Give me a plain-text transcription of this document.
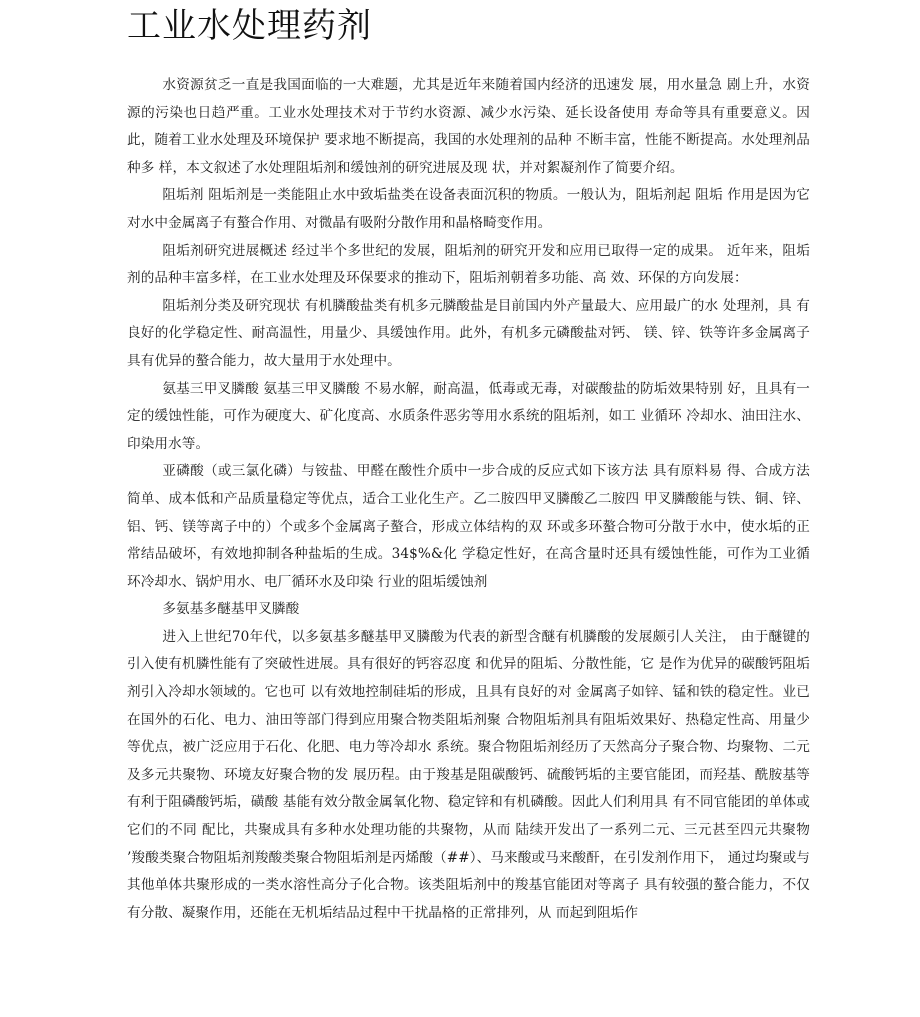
工业水处理药剂

水资源贫乏一直是我国面临的一大难题，尤其是近年来随着国内经济的迅速发 展，用水量急 剧上升，水资源的污染也日趋严重。工业水处理技术对于节约水资源、减少水污染、延长设备使用 寿命等具有重要意义。因此，随着工业水处理及环境保护 要求地不断提高，我国的水处理剂的品种 不断丰富，性能不断提高。水处理剂品种多 样，本文叙述了水处理阻垢剂和缓蚀剂的研究进展及现 状，并对絮凝剂作了简要介绍。

阻垢剂 阻垢剂是一类能阻止水中致垢盐类在设备表面沉积的物质。一般认为，阻垢剂起 阻垢 作用是因为它对水中金属离子有螯合作用、对微晶有吸附分散作用和晶格畸变作用。

阻垢剂研究进展概述 经过半个多世纪的发展，阻垢剂的研究开发和应用已取得一定的成果。 近年来，阻垢剂的品种丰富多样，在工业水处理及环保要求的推动下，阻垢剂朝着多功能、高 效、环保的方向发展：

阻垢剂分类及研究现状 有机膦酸盐类有机多元膦酸盐是目前国内外产量最大、应用最广的水 处理剂，具 有良好的化学稳定性、耐高温性，用量少、具缓蚀作用。此外，有机多元磷酸盐对钙、 镁、锌、铁等许多金属离子具有优异的螯合能力，故大量用于水处理中。

氨基三甲叉膦酸 氨基三甲叉膦酸 不易水解，耐高温，低毒或无毒，对碳酸盐的防垢效果特别 好，且具有一定的缓蚀性能，可作为硬度大、矿化度高、水质条件恶劣等用水系统的阻垢剂，如工 业循环 冷却水、油田注水、印染用水等。

亚磷酸（或三氯化磷）与铵盐、甲醛在酸性介质中一步合成的反应式如下该方法 具有原料易 得、合成方法简单、成本低和产品质量稳定等优点，适合工业化生产。乙二胺四甲叉膦酸乙二胺四 甲叉膦酸能与铁、铜、锌、铝、钙、镁等离子中的）个或多个金属离子螯合，形成立体结构的双 环或多环螯合物可分散于水中，使水垢的正常结品破坏，有效地抑制各种盐垢的生成。34$%&化 学稳定性好，在高含量时还具有缓蚀性能，可作为工业循环冷却水、锅炉用水、电厂循环水及印染 行业的阻垢缓蚀剂

多氨基多醚基甲叉膦酸

进入上世纪70年代，以多氨基多醚基甲叉膦酸为代表的新型含醚有机膦酸的发展颇引人关注， 由于醚键的引入使有机膦性能有了突破性进展。具有很好的钙容忍度 和优异的阻垢、分散性能，它 是作为优异的碳酸钙阻垢剂引入冷却水领域的。它也可 以有效地控制硅垢的形成，且具有良好的对 金属离子如锌、锰和铁的稳定性。业已在国外的石化、电力、油田等部门得到应用聚合物类阻垢剂聚 合物阻垢剂具有阻垢效果好、热稳定性高、用量少等优点，被广泛应用于石化、化肥、电力等冷却水 系统。聚合物阻垢剂经历了天然高分子聚合物、均聚物、二元及多元共聚物、环境友好聚合物的发 展历程。由于羧基是阻碳酸钙、硫酸钙垢的主要官能团，而羟基、酰胺基等有利于阻磷酸钙垢，磺酸 基能有效分散金属氧化物、稳定锌和有机磷酸。因此人们利用具 有不同官能团的单体或它们的不同 配比，共聚成具有多种水处理功能的共聚物，从而 陆续开发出了一系列二元、三元甚至四元共聚物 ’羧酸类聚合物阻垢剂羧酸类聚合物阻垢剂是丙烯酸（##）、马来酸或马来酸酐，在引发剂作用下， 通过均聚或与其他单体共聚形成的一类水溶性高分子化合物。该类阻垢剂中的羧基官能团对等离子 具有较强的螯合能力，不仅有分散、凝聚作用，还能在无机垢结品过程中干扰晶格的正常排列，从 而起到阻垢作
